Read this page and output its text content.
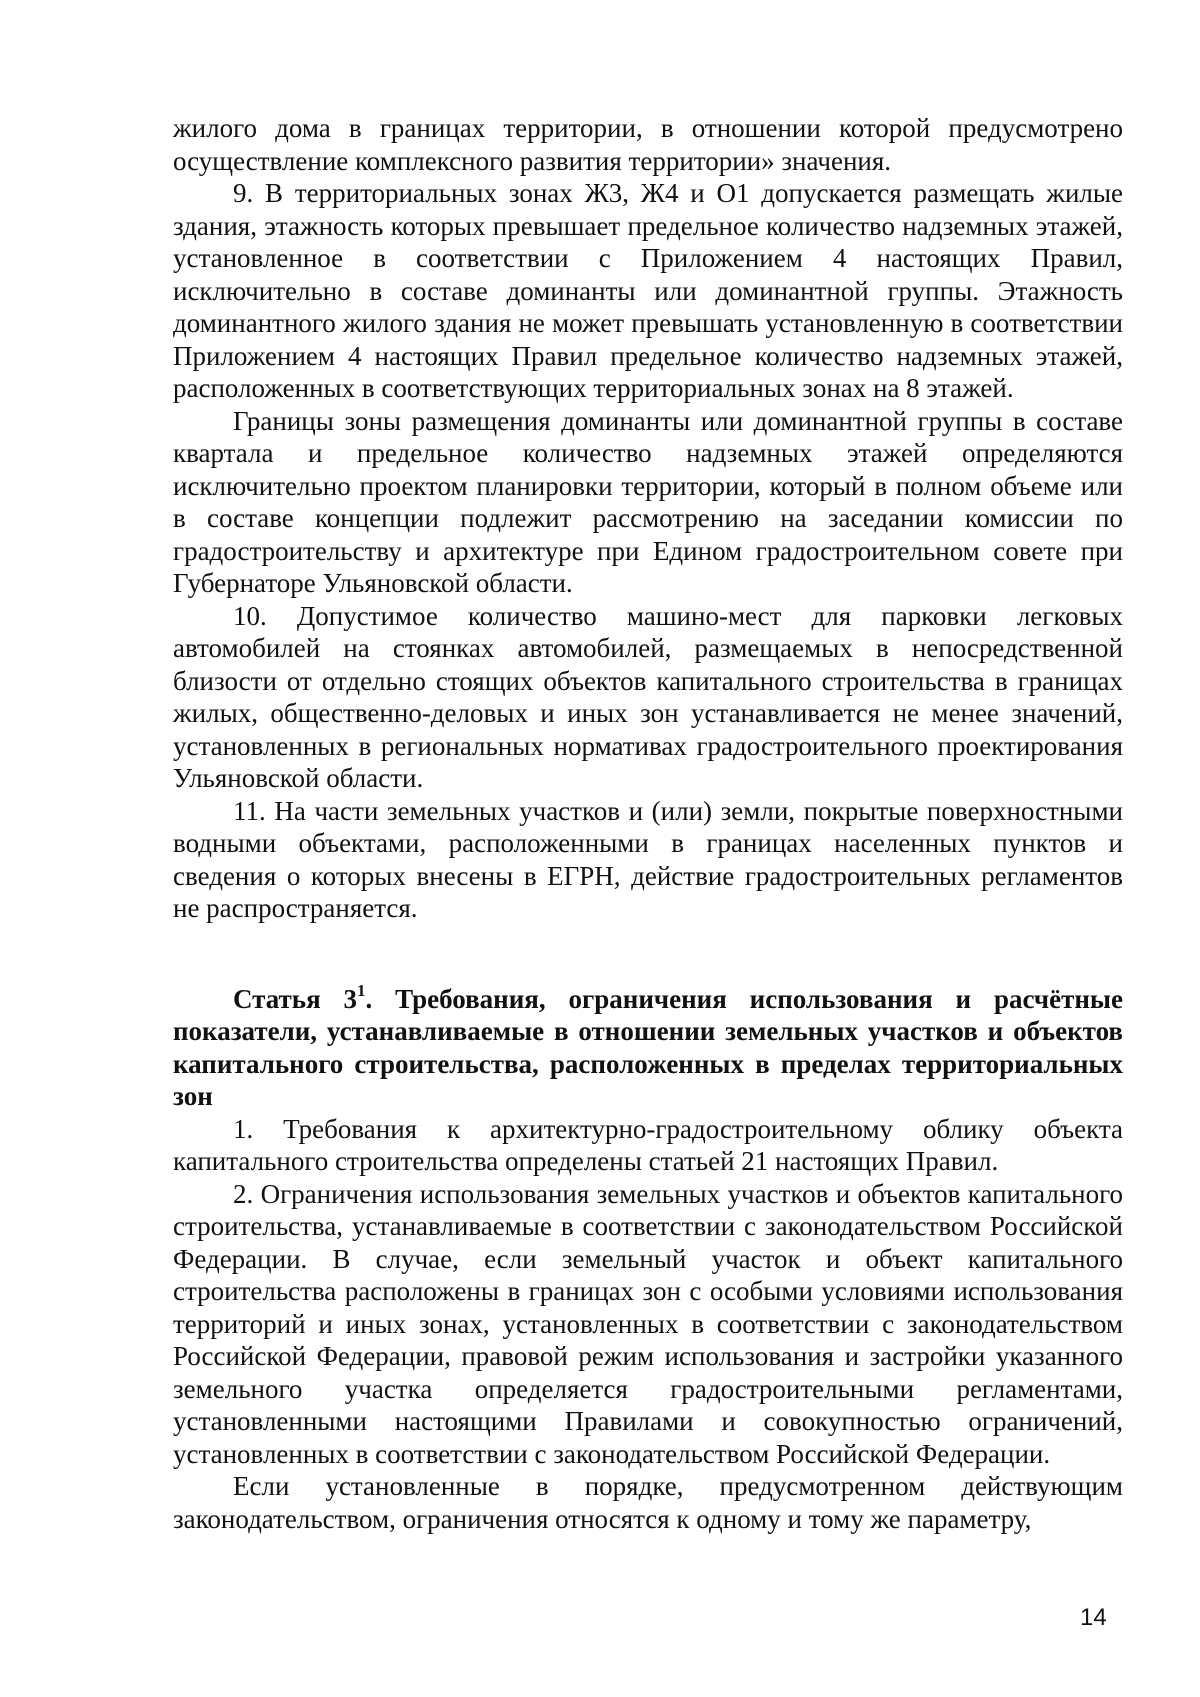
жилого дома в границах территории, в отношении которой предусмотрено осуществление комплексного развития территории» значения.

9. В территориальных зонах Ж3, Ж4 и О1 допускается размещать жилые здания, этажность которых превышает предельное количество надземных этажей, установленное в соответствии с Приложением 4 настоящих Правил, исключительно в составе доминанты или доминантной группы. Этажность доминантного жилого здания не может превышать установленную в соответствии Приложением 4 настоящих Правил предельное количество надземных этажей, расположенных в соответствующих территориальных зонах на 8 этажей.

Границы зоны размещения доминанты или доминантной группы в составе квартала и предельное количество надземных этажей определяются исключительно проектом планировки территории, который в полном объеме или в составе концепции подлежит рассмотрению на заседании комиссии по градостроительству и архитектуре при Едином градостроительном совете при Губернаторе Ульяновской области.

10. Допустимое количество машино-мест для парковки легковых автомобилей на стоянках автомобилей, размещаемых в непосредственной близости от отдельно стоящих объектов капитального строительства в границах жилых, общественно-деловых и иных зон устанавливается не менее значений, установленных в региональных нормативах градостроительного проектирования Ульяновской области.

11. На части земельных участков и (или) земли, покрытые поверхностными водными объектами, расположенными в границах населенных пунктов и сведения о которых внесены в ЕГРН, действие градостроительных регламентов не распространяется.

Статья $3^1$. Требования, ограничения использования и расчётные показатели, устанавливаемые в отношении земельных участков и объектов капитального строительства, расположенных в пределах территориальных зон

1. Требования к архитектурно-градостроительному облику объекта капитального строительства определены статьей 21 настоящих Правил.

2. Ограничения использования земельных участков и объектов капитального строительства, устанавливаемые в соответствии с законодательством Российской Федерации. В случае, если земельный участок и объект капитального строительства расположены в границах зон с особыми условиями использования территорий и иных зонах, установленных в соответствии с законодательством Российской Федерации, правовой режим использования и застройки указанного земельного участка определяется градостроительными регламентами, установленными настоящими Правилами и совокупностью ограничений, установленных в соответствии с законодательством Российской Федерации.

Если установленные в порядке, предусмотренном действующим законодательством, ограничения относятся к одному и тому же параметру,

14
